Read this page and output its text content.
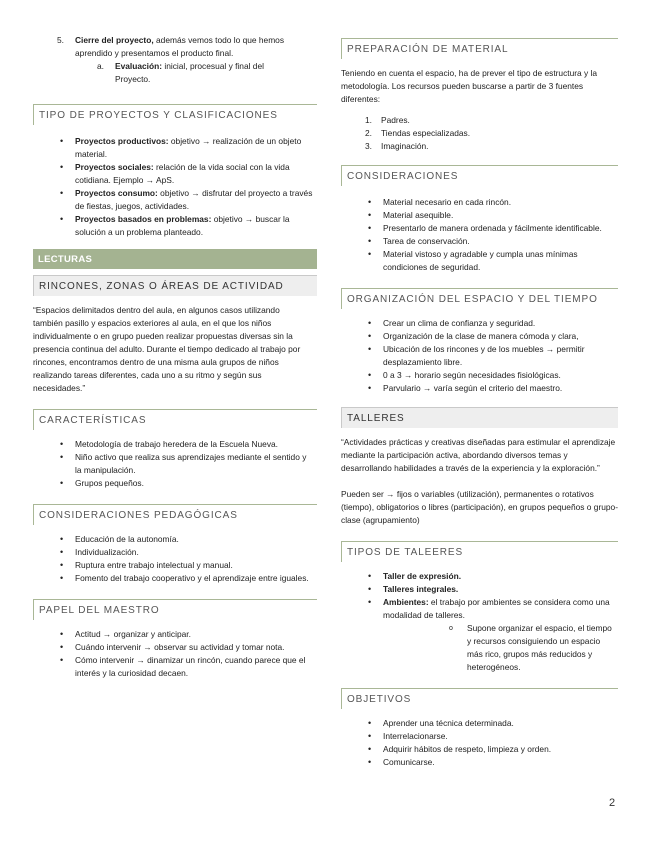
5. Cierre del proyecto, además vemos todo lo que hemos aprendido y presentamos el producto final.
a. Evaluación: inicial, procesual y final del Proyecto.
TIPO DE PROYECTOS Y CLASIFICACIONES
• Proyectos productivos: objetivo → realización de un objeto material.
• Proyectos sociales: relación de la vida social con la vida cotidiana. Ejemplo → ApS.
• Proyectos consumo: objetivo → disfrutar del proyecto a través de fiestas, juegos, actividades.
• Proyectos basados en problemas: objetivo → buscar la solución a un problema planteado.
LECTURAS
RINCONES, ZONAS O ÁREAS DE ACTIVIDAD
“Espacios delimitados dentro del aula, en algunos casos utilizando también pasillo y espacios exteriores al aula, en el que los niños individualmente o en grupo pueden realizar propuestas diversas sin la presencia continua del adulto. Durante el tiempo dedicado al trabajo por rincones, encontramos dentro de una misma aula grupos de niños realizando tareas diferentes, cada uno a su ritmo y según sus necesidades.”
CARACTERÍSTICAS
• Metodología de trabajo heredera de la Escuela Nueva.
• Niño activo que realiza sus aprendizajes mediante el sentido y la manipulación.
• Grupos pequeños.
CONSIDERACIONES PEDAGÓGICAS
• Educación de la autonomía.
• Individualización.
• Ruptura entre trabajo intelectual y manual.
• Fomento del trabajo cooperativo y el aprendizaje entre iguales.
PAPEL DEL MAESTRO
• Actitud → organizar y anticipar.
• Cuándo intervenir → observar su actividad y tomar nota.
• Cómo intervenir → dinamizar un rincón, cuando parece que el interés y la curiosidad decaen.
PREPARACIÓN DE MATERIAL
Teniendo en cuenta el espacio, ha de prever el tipo de estructura y la metodología. Los recursos pueden buscarse a partir de 3 fuentes diferentes:
1. Padres.
2. Tiendas especializadas.
3. Imaginación.
CONSIDERACIONES
• Material necesario en cada rincón.
• Material asequible.
• Presentarlo de manera ordenada y fácilmente identificable.
• Tarea de conservación.
• Material vistoso y agradable y cumpla unas mínimas condiciones de seguridad.
ORGANIZACIÓN DEL ESPACIO Y DEL TIEMPO
• Crear un clima de confianza y seguridad.
• Organización de la clase de manera cómoda y clara,
• Ubicación de los rincones y de los muebles → permitir desplazamiento libre.
• 0 a 3 → horario según necesidades fisiológicas.
• Parvulario → varía según el criterio del maestro.
TALLERES
“Actividades prácticas y creativas diseñadas para estimular el aprendizaje mediante la participación activa, abordando diversos temas y desarrollando habilidades a través de la experiencia y la exploración.”
Pueden ser → fijos o variables (utilización), permanentes o rotativos (tiempo), obligatorios o libres (participación), en grupos pequeños o grupo-clase (agrupamiento)
TIPOS DE TALEERES
• Taller de expresión.
• Talleres integrales.
• Ambientes: el trabajo por ambientes se considera como una modalidad de talleres.
o Supone organizar el espacio, el tiempo y recursos consiguiendo un espacio más rico, grupos más reducidos y heterogéneos.
OBJETIVOS
• Aprender una técnica determinada.
• Interrelacionarse.
• Adquirir hábitos de respeto, limpieza y orden.
• Comunicarse.
2
